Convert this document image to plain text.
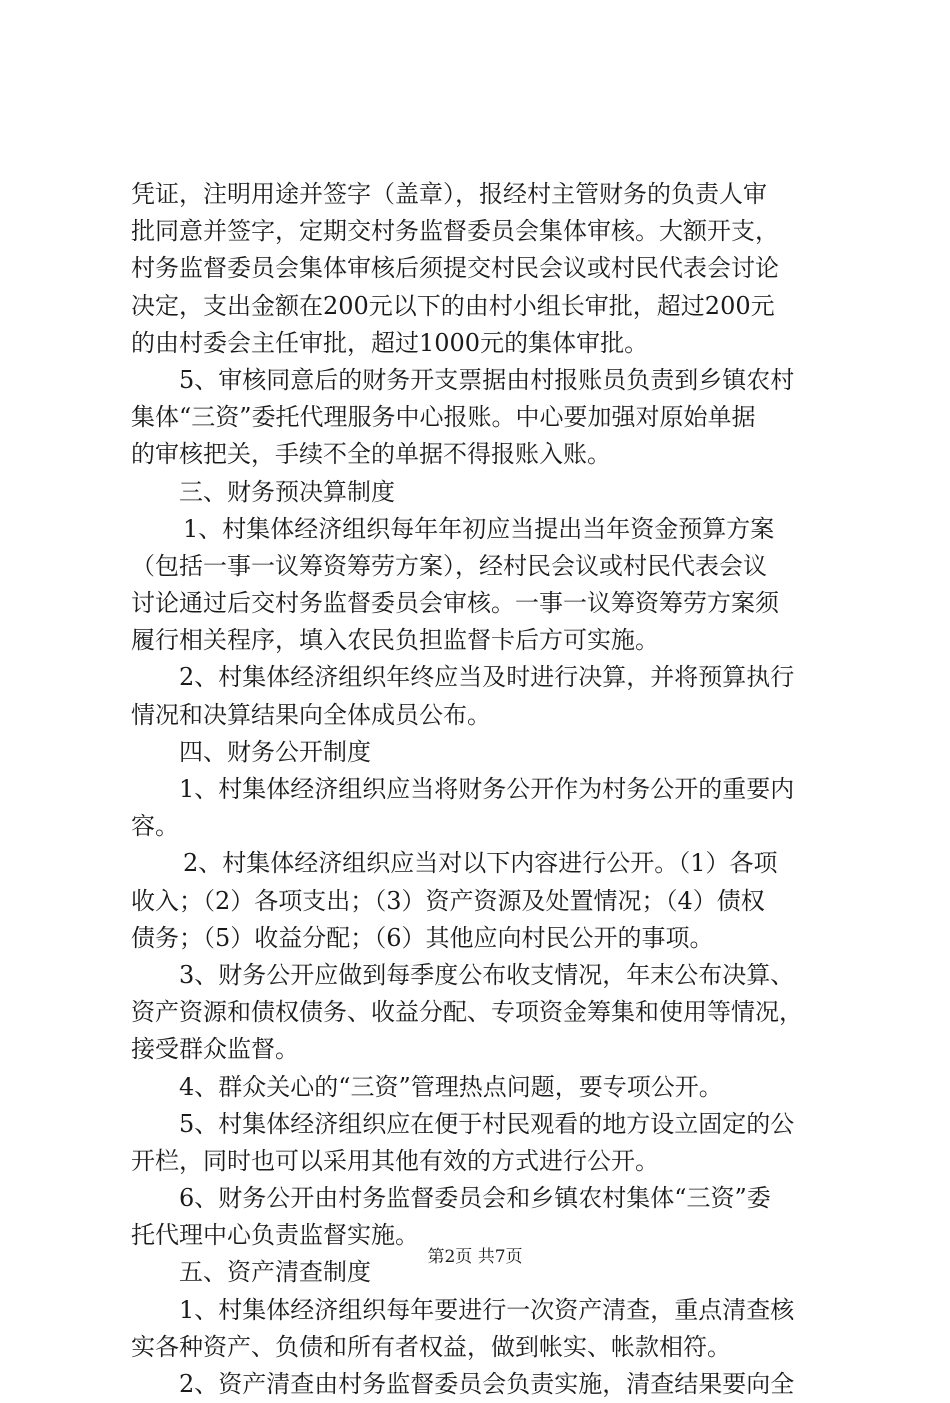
凭证，注明用途并签字（盖章），报经村主管财务的负责人审
批同意并签字，定期交村务监督委员会集体审核。大额开支，
村务监督委员会集体审核后须提交村民会议或村民代表会讨论
决定，支出金额在200元以下的由村小组长审批，超过200元
的由村委会主任审批，超过1000元的集体审批。
5、审核同意后的财务开支票据由村报账员负责到乡镇农村
集体“三资”委托代理服务中心报账。中心要加强对原始单据
的审核把关，手续不全的单据不得报账入账。
三、财务预决算制度
1、村集体经济组织每年年初应当提出当年资金预算方案
（包括一事一议筹资筹劳方案），经村民会议或村民代表会议
讨论通过后交村务监督委员会审核。一事一议筹资筹劳方案须
履行相关程序，填入农民负担监督卡后方可实施。
2、村集体经济组织年终应当及时进行决算，并将预算执行
情况和决算结果向全体成员公布。
四、财务公开制度
1、村集体经济组织应当将财务公开作为村务公开的重要内
容。
2、村集体经济组织应当对以下内容进行公开。（1）各项
收入；（2）各项支出；（3）资产资源及处置情况；（4）债权
债务；（5）收益分配；（6）其他应向村民公开的事项。
3、财务公开应做到每季度公布收支情况，年末公布决算、
资产资源和债权债务、收益分配、专项资金筹集和使用等情况，
接受群众监督。
4、群众关心的“三资”管理热点问题，要专项公开。
5、村集体经济组织应在便于村民观看的地方设立固定的公
开栏，同时也可以采用其他有效的方式进行公开。
6、财务公开由村务监督委员会和乡镇农村集体“三资”委
托代理中心负责监督实施。
五、资产清查制度
1、村集体经济组织每年要进行一次资产清查，重点清查核
实各种资产、负债和所有者权益，做到帐实、帐款相符。
2、资产清查由村务监督委员会负责实施，清查结果要向全
第2页 共7页
